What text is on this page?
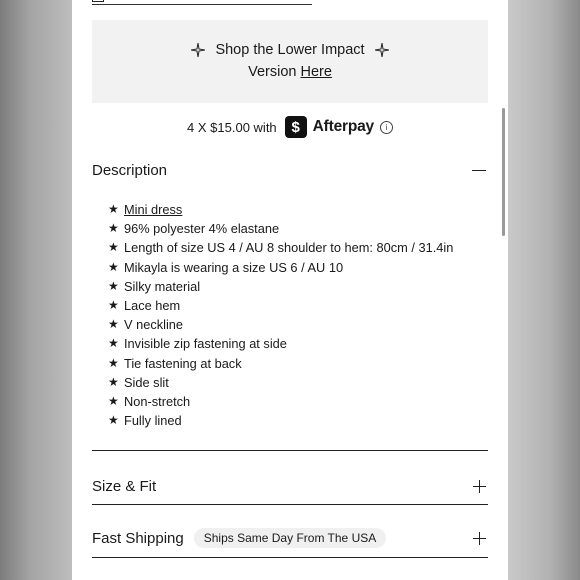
Shop the Lower Impact
Version Here
4 X $15.00 with $ Afterpay	i
Description
★ Mini dress
★ 96% polyester 4% elastane
★ Length of size US 4 / AU 8 shoulder to hem: 80cm / 31.4in
★ Mikayla is wearing a size US 6 / AU 10
★ Silky material
★ Lace hem
★ V neckline
★ Invisible zip fastening at side
★ Tie fastening at back
★ Side slit
★ Non-stretch
★ Fully lined
Size & Fit
Fast Shipping	Ships Same Day From The USA
